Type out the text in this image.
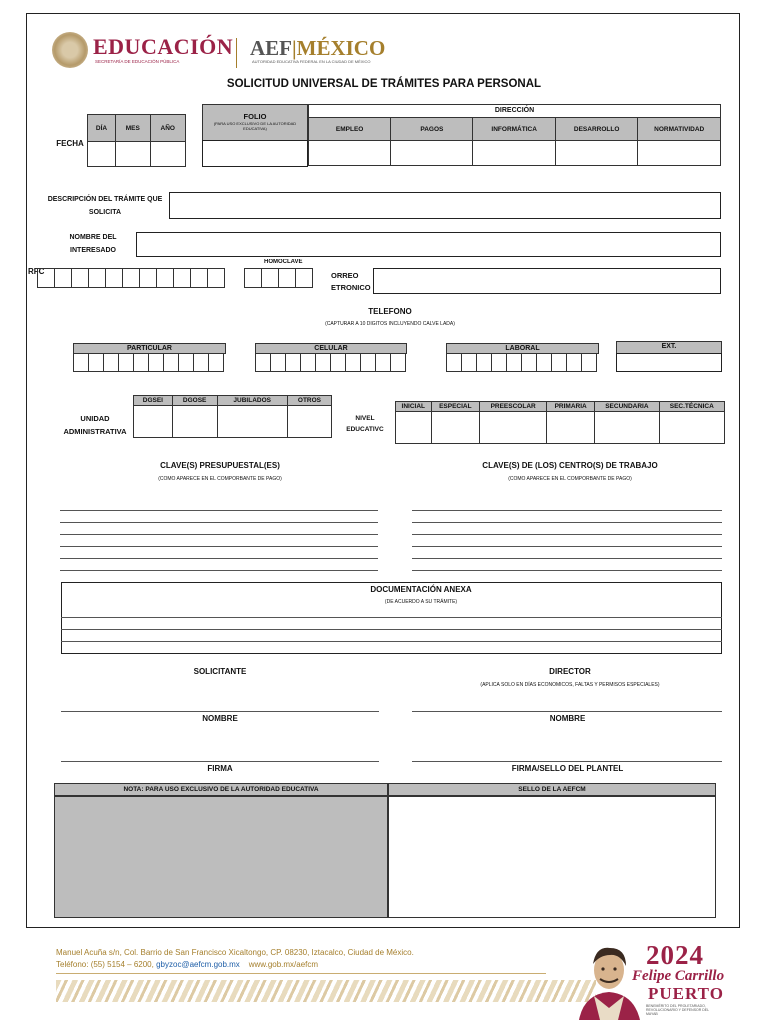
EDUCACIÓN
SECRETARÍA DE EDUCACIÓN PÚBLICA
AEF|MÉXICO
AUTORIDAD EDUCATIVA FEDERAL EN LA CIUDAD DE MÉXICO
SOLICITUD UNIVERSAL DE TRÁMITES PARA PERSONAL
FECHA
DÍA	MES	AÑO

FOLIO
(PARA USO EXCLUSIVO DE LA AUTORIDAD EDUCATIVA)
DIRECCIÓN
EMPLEO	PAGOS	INFORMÁTICA	DESARROLLO	NORMATIVIDAD

DESCRIPCIÓN DEL TRÁMITE QUE
SOLICITA
NOMBRE DEL
INTERESADO
RFC
HOMOCLAVE
ORREO
ETRONICO
TELEFONO
(CAPTURAR A 10 DIGITOS INCLUYENDO CALVE LADA)
PARTICULAR	CELULAR	LABORAL	EXT.
UNIDAD
ADMINISTRATIVA
DGSEI	DGOSE	JUBILADOS	OTROS

NIVEL
EDUCATIVC
INICIAL	ESPECIAL	PREESCOLAR	PRIMARIA	SECUNDARIA	SEC.TÉCNICA

CLAVE(S) PRESUPUESTAL(ES)
(COMO APARECE EN EL COMPORBANTE DE PAGO)
CLAVE(S) DE (LOS) CENTRO(S) DE TRABAJO
(COMO APARECE EN EL COMPORBANTE DE PAGO)
DOCUMENTACIÓN ANEXA
(DE ACUERDO A SU TRÁMITE)
SOLICITANTE	DIRECTOR
(APLICA SOLO EN DÍAS ECONOMICOS, FALTAS Y PERMISOS ESPECIALES)
NOMBRE	NOMBRE
FIRMA	FIRMA/SELLO DEL PLANTEL
NOTA: PARA USO EXCLUSIVO DE LA AUTORIDAD EDUCATIVA	SELLO DE LA AEFCM
Manuel Acuña s/n, Col. Barrio de San Francisco Xicaltongo, CP. 08230, Iztacalco, Ciudad de México.
Teléfono: (55) 5154 – 6200, gbyzoc@aefcm.gob.mx www.gob.mx/aefcm	2024
Felipe Carrillo
PUERTO
BENEMÉRITO DEL PROLETARIADO, REVOLUCIONARIO Y DEFENSOR DEL MAYAB
